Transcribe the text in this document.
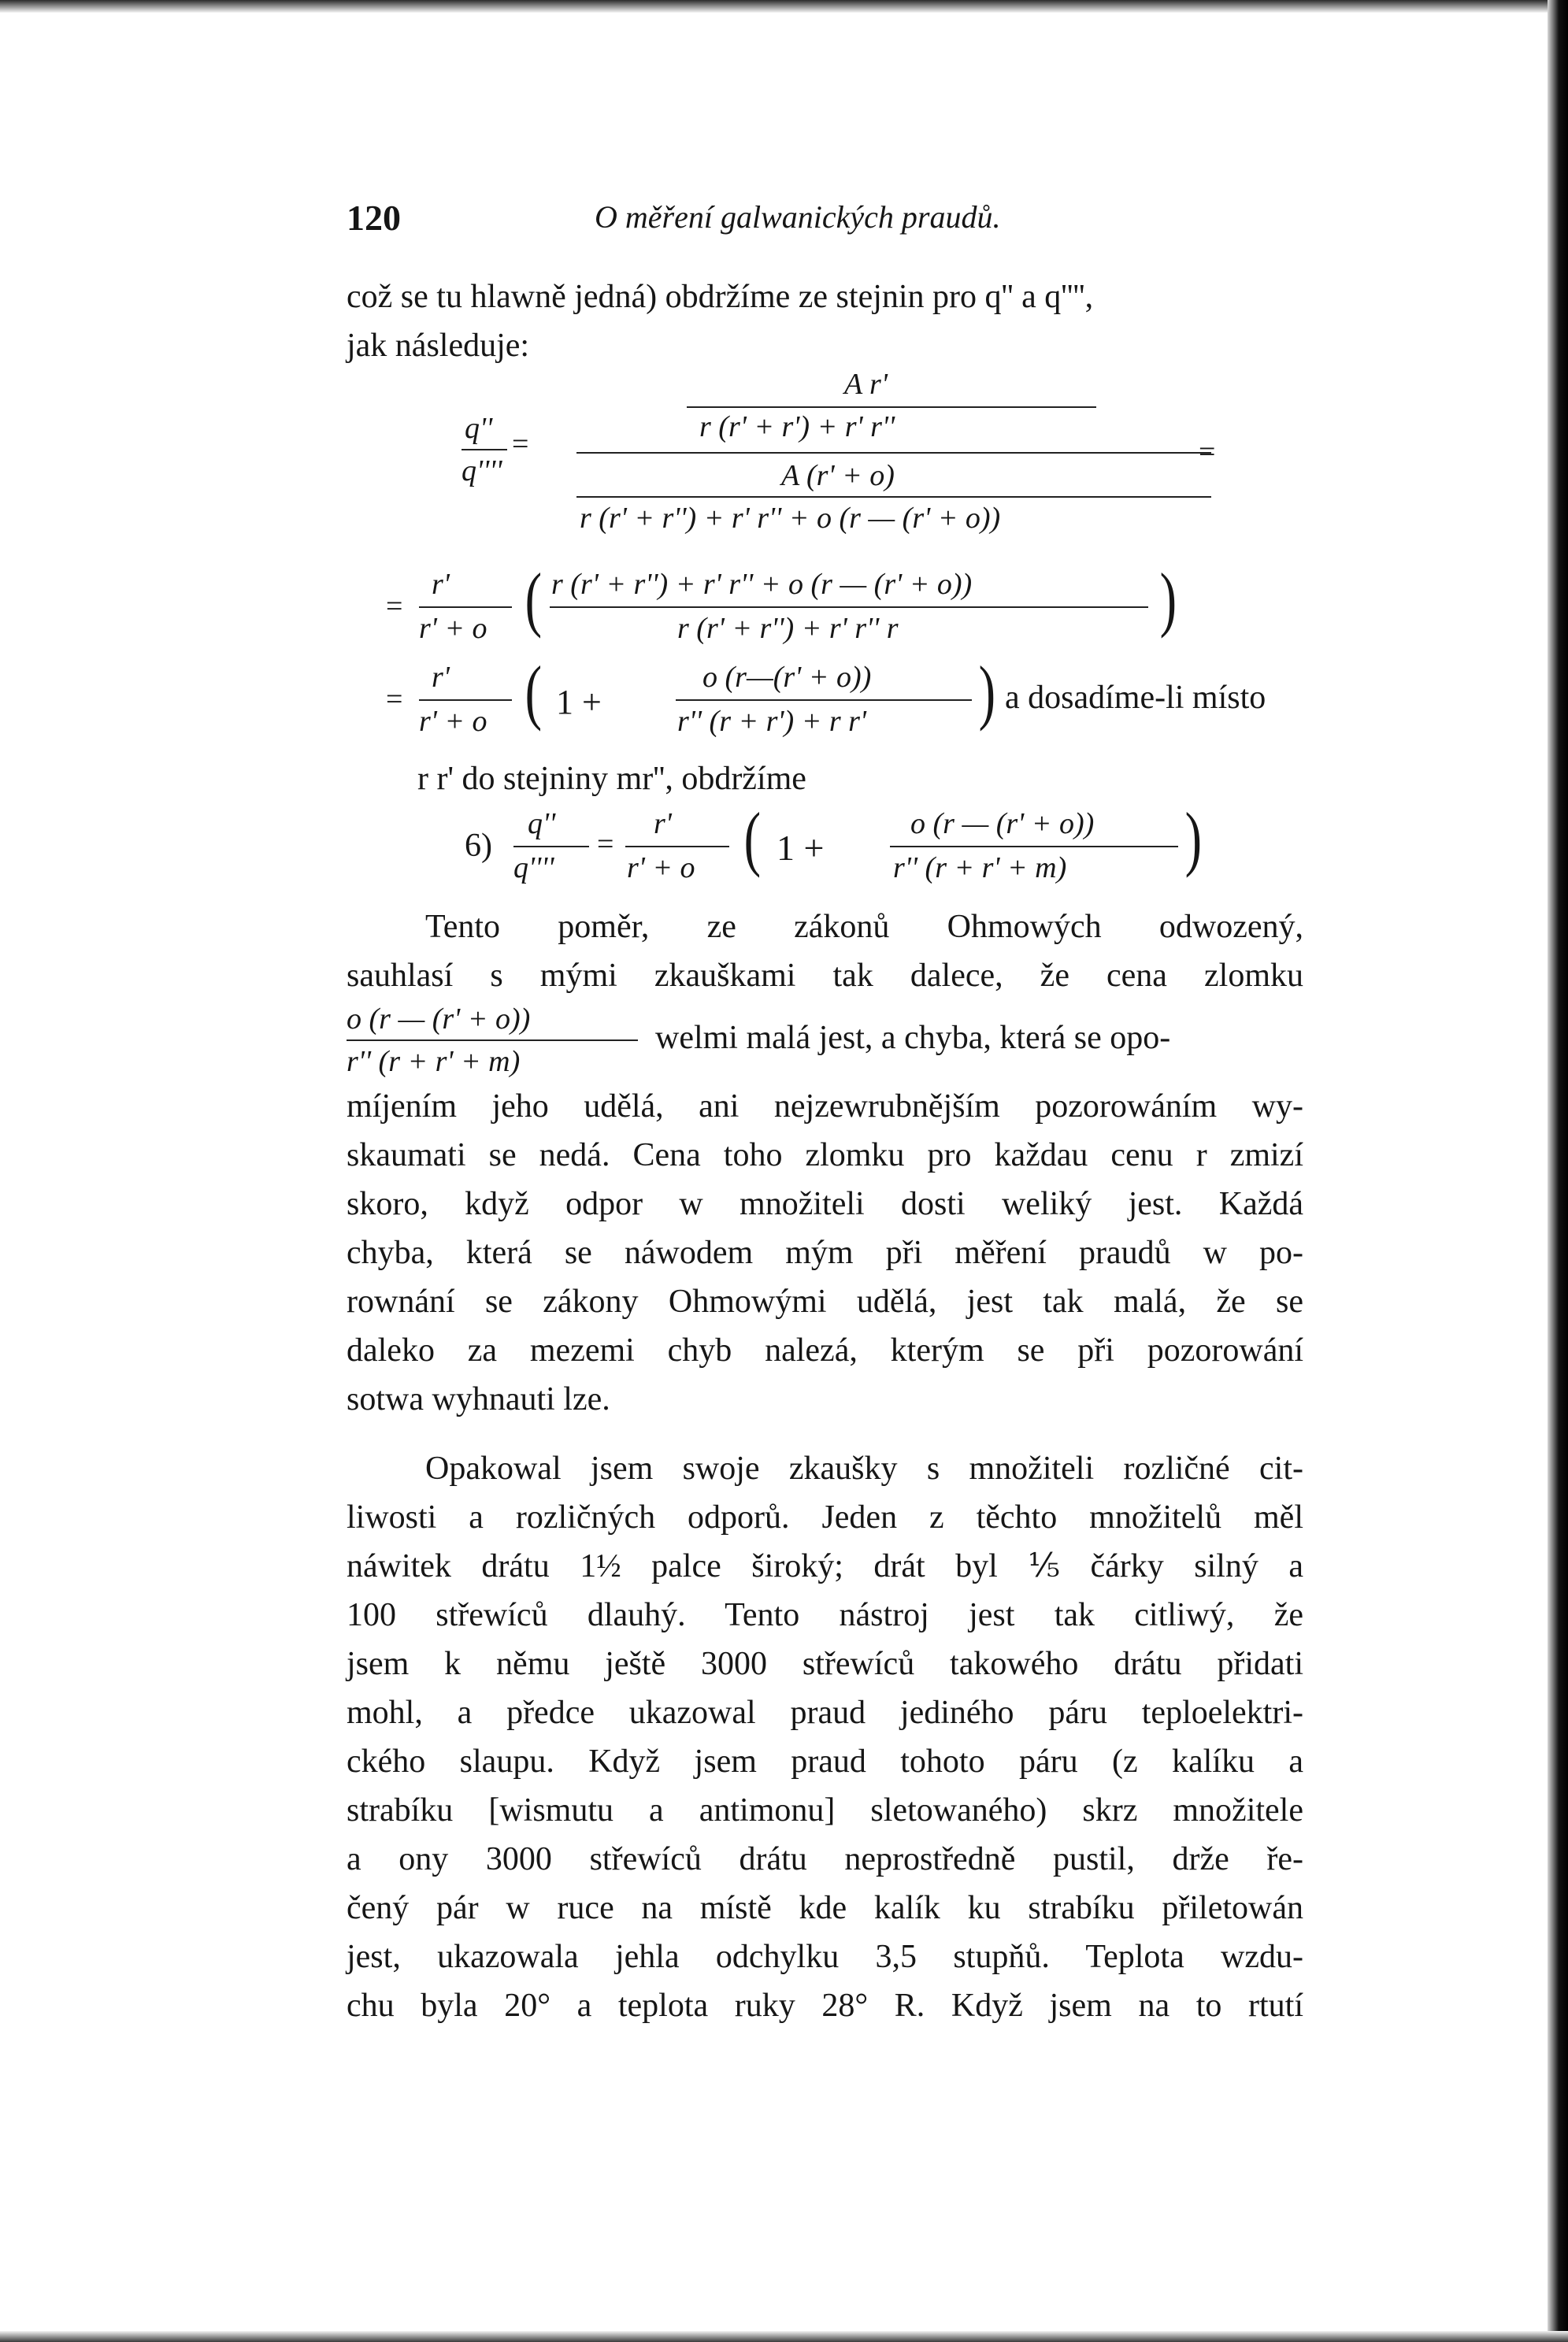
120	O měření galwanických praudů.
což se tu hlawně jedná) obdržíme ze stejnin pro q'' a q'''',
jak následuje:
q''
q''''
=
A r'
r (r' + r') + r' r''
A (r' + o)
r (r' + r'') + r' r'' + o (r — (r' + o))
=
=
r'
r' + o ( r (r' + r'') + r' r'' + o (r — (r' + o))
r (r' + r'') + r' r'' r	)
=
r'
r' + o ( 1 +
o (r—(r' + o))
r'' (r + r') + r r' ) a dosadíme-li místo
r r' do stejniny mr'', obdržíme
6)
q''
q''''
=
r'
r' + o ( 1 +
o (r — (r' + o))
r'' (r + r' + m) )
Tento poměr, ze zákonů Ohmowých odwozený,
sauhlasí s mými zkauškami tak dalece, že cena zlomku
o (r — (r' + o))
r'' (r + r' + m)
welmi malá jest, a chyba, která se opo-
míjením jeho udělá, ani nejzewrubnějším pozorowáním wy-
skaumati se nedá. Cena toho zlomku pro každau cenu r zmizí
skoro, když odpor w množiteli dosti weliký jest. Každá
chyba, která se náwodem mým při měření praudů w po-
rownání se zákony Ohmowými udělá, jest tak malá, že se
daleko za mezemi chyb nalezá, kterým se při pozorowání
sotwa wyhnauti lze.
Opakowal jsem swoje zkaušky s množiteli rozličné cit-
liwosti a rozličných odporů. Jeden z těchto množitelů měl
náwitek drátu 1½ palce široký; drát byl ⅕ čárky silný a
100 střewíců dlauhý. Tento nástroj jest tak citliwý, že
jsem k němu ještě 3000 střewíců takowého drátu přidati
mohl, a předce ukazowal praud jediného páru teploelektri-
ckého slaupu. Když jsem praud tohoto páru (z kalíku a
strabíku [wismutu a antimonu] sletowaného) skrz množitele
a ony 3000 střewíců drátu neprostředně pustil, drže ře-
čený pár w ruce na místě kde kalík ku strabíku přiletowán
jest, ukazowala jehla odchylku 3,5 stupňů. Teplota wzdu-
chu byla 20° a teplota ruky 28° R. Když jsem na to rtutí
